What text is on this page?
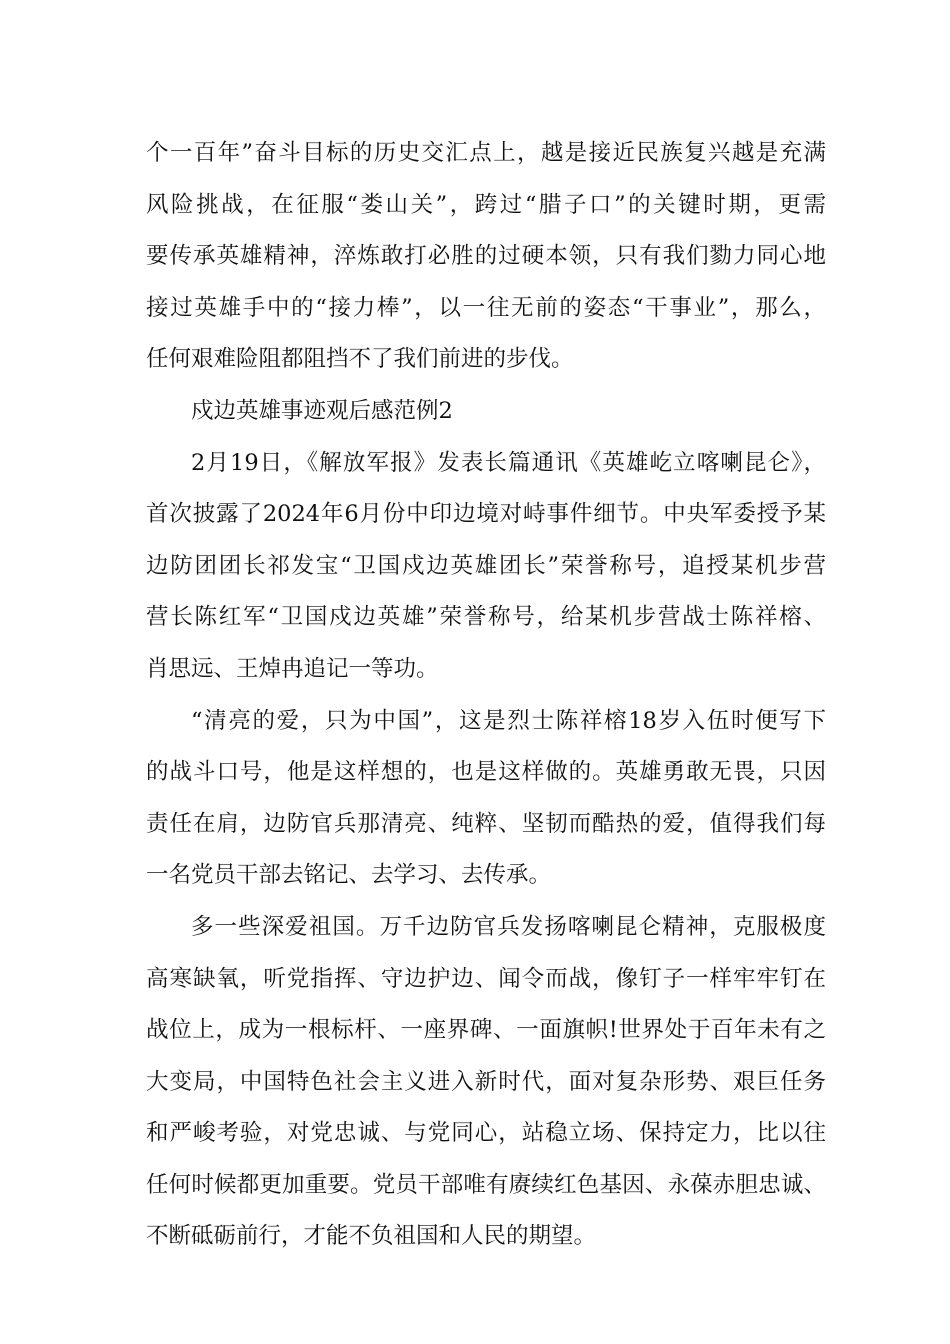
个一百年”奋斗目标的历史交汇点上，越是接近民族复兴越是充满
风险挑战，在征服“娄山关”，跨过“腊子口”的关键时期，更需
要传承英雄精神，淬炼敢打必胜的过硬本领，只有我们勠力同心地
接过英雄手中的“接力棒”，以一往无前的姿态“干事业”，那么，
任何艰难险阻都阻挡不了我们前进的步伐。
戍边英雄事迹观后感范例2
2月19日，《解放军报》发表长篇通讯《英雄屹立喀喇昆仑》，
首次披露了2024年6月份中印边境对峙事件细节。中央军委授予某
边防团团长祁发宝“卫国戍边英雄团长”荣誉称号，追授某机步营
营长陈红军“卫国戍边英雄”荣誉称号，给某机步营战士陈祥榕、
肖思远、王焯冉追记一等功。
“清亮的爱，只为中国”，这是烈士陈祥榕18岁入伍时便写下
的战斗口号，他是这样想的，也是这样做的。英雄勇敢无畏，只因
责任在肩，边防官兵那清亮、纯粹、坚韧而酷热的爱，值得我们每
一名党员干部去铭记、去学习、去传承。
多一些深爱祖国。万千边防官兵发扬喀喇昆仑精神，克服极度
高寒缺氧，听党指挥、守边护边、闻令而战，像钉子一样牢牢钉在
战位上，成为一根标杆、一座界碑、一面旗帜!世界处于百年未有之
大变局，中国特色社会主义进入新时代，面对复杂形势、艰巨任务
和严峻考验，对党忠诚、与党同心，站稳立场、保持定力，比以往
任何时候都更加重要。党员干部唯有赓续红色基因、永葆赤胆忠诚、
不断砥砺前行，才能不负祖国和人民的期望。
